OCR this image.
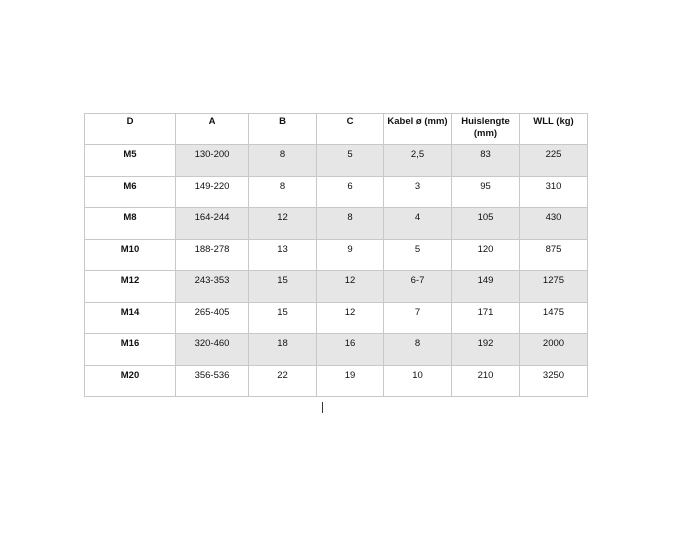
D	A	B	C	Kabel ø (mm)	Huislengte (mm)	WLL (kg)
M5	130-200	8	5	2,5	83	225
M6	149-220	8	6	3	95	310
M8	164-244	12	8	4	105	430
M10	188-278	13	9	5	120	875
M12	243-353	15	12	6-7	149	1275
M14	265-405	15	12	7	171	1475
M16	320-460	18	16	8	192	2000
M20	356-536	22	19	10	210	3250
